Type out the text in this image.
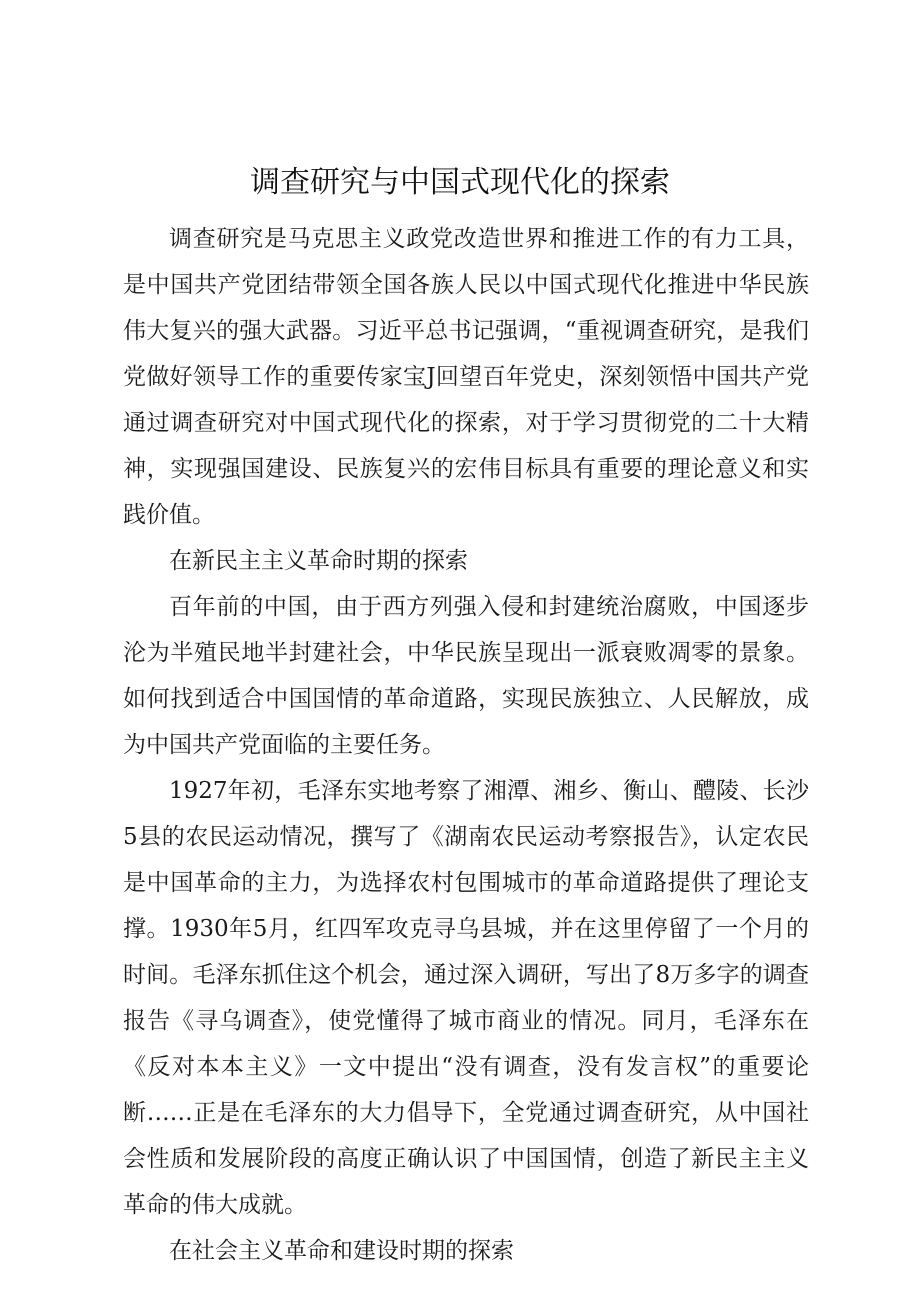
调查研究与中国式现代化的探索

调查研究是马克思主义政党改造世界和推进工作的有力工具，是中国共产党团结带领全国各族人民以中国式现代化推进中华民族伟大复兴的强大武器。习近平总书记强调，“重视调查研究，是我们党做好领导工作的重要传家宝J回望百年党史，深刻领悟中国共产党通过调查研究对中国式现代化的探索，对于学习贯彻党的二十大精神，实现强国建设、民族复兴的宏伟目标具有重要的理论意义和实践价值。

在新民主主义革命时期的探索

百年前的中国，由于西方列强入侵和封建统治腐败，中国逐步沦为半殖民地半封建社会，中华民族呈现出一派衰败凋零的景象。如何找到适合中国国情的革命道路，实现民族独立、人民解放，成为中国共产党面临的主要任务。

1927年初，毛泽东实地考察了湘潭、湘乡、衡山、醴陵、长沙5县的农民运动情况，撰写了《湖南农民运动考察报告》，认定农民是中国革命的主力，为选择农村包围城市的革命道路提供了理论支撑。1930年5月，红四军攻克寻乌县城，并在这里停留了一个月的时间。毛泽东抓住这个机会，通过深入调研，写出了8万多字的调查报告《寻乌调查》，使党懂得了城市商业的情况。同月，毛泽东在《反对本本主义》一文中提出“没有调查，没有发言权”的重要论断……正是在毛泽东的大力倡导下，全党通过调查研究，从中国社会性质和发展阶段的高度正确认识了中国国情，创造了新民主主义革命的伟大成就。

在社会主义革命和建设时期的探索
